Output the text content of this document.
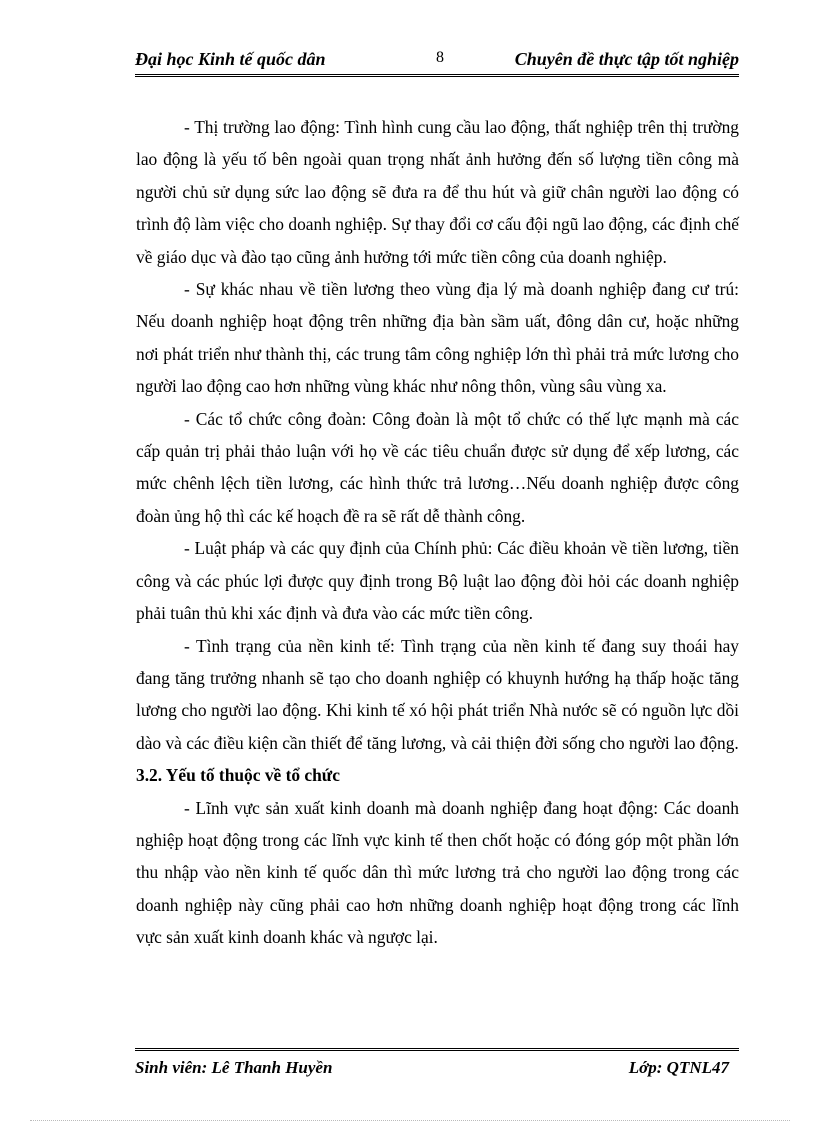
Đại học Kinh tế quốc dân	8	Chuyên đề thực tập tốt nghiệp

- Thị trường lao động: Tình hình cung cầu lao động, thất nghiệp trên thị trường lao động là yếu tố bên ngoài quan trọng nhất ảnh hưởng đến số lượng tiền công mà người chủ sử dụng sức lao động sẽ đưa ra để thu hút và giữ chân người lao động có trình độ làm việc cho doanh nghiệp. Sự thay đổi cơ cấu đội ngũ lao động, các định chế về giáo dục và đào tạo cũng ảnh hưởng tới mức tiền công của doanh nghiệp.

- Sự khác nhau về tiền lương theo vùng địa lý mà doanh nghiệp đang cư trú: Nếu doanh nghiệp hoạt động trên những địa bàn sầm uất, đông dân cư, hoặc những nơi phát triển như thành thị, các trung tâm công nghiệp lớn thì phải trả mức lương cho người lao động cao hơn những vùng khác như nông thôn, vùng sâu vùng xa.

- Các tổ chức công đoàn: Công đoàn là một tổ chức có thế lực mạnh mà các cấp quản trị phải thảo luận với họ về các tiêu chuẩn được sử dụng để xếp lương, các mức chênh lệch tiền lương, các hình thức trả lương…Nếu doanh nghiệp được công đoàn ủng hộ thì các kế hoạch đề ra sẽ rất dễ thành công.

- Luật pháp và các quy định của Chính phủ: Các điều khoản về tiền lương, tiền công và các phúc lợi được quy định trong Bộ luật lao động đòi hỏi các doanh nghiệp phải tuân thủ khi xác định và đưa vào các mức tiền công.

- Tình trạng của nền kinh tế: Tình trạng của nền kinh tế đang suy thoái hay đang tăng trưởng nhanh sẽ tạo cho doanh nghiệp có khuynh hướng hạ thấp hoặc tăng lương cho người lao động. Khi kinh tế xó hội phát triển Nhà nước sẽ có nguồn lực dồi dào và các điều kiện cần thiết để tăng lương, và cải thiện đời sống cho người lao động.

3.2. Yếu tố thuộc về tổ chức

- Lĩnh vực sản xuất kinh doanh mà doanh nghiệp đang hoạt động: Các doanh nghiệp hoạt động trong các lĩnh vực kinh tế then chốt hoặc có đóng góp một phần lớn thu nhập vào nền kinh tế quốc dân thì mức lương trả cho người lao động trong các doanh nghiệp này cũng phải cao hơn những doanh nghiệp hoạt động trong các lĩnh vực sản xuất kinh doanh khác và ngược lại.

Sinh viên: Lê Thanh Huyền	Lớp: QTNL47
